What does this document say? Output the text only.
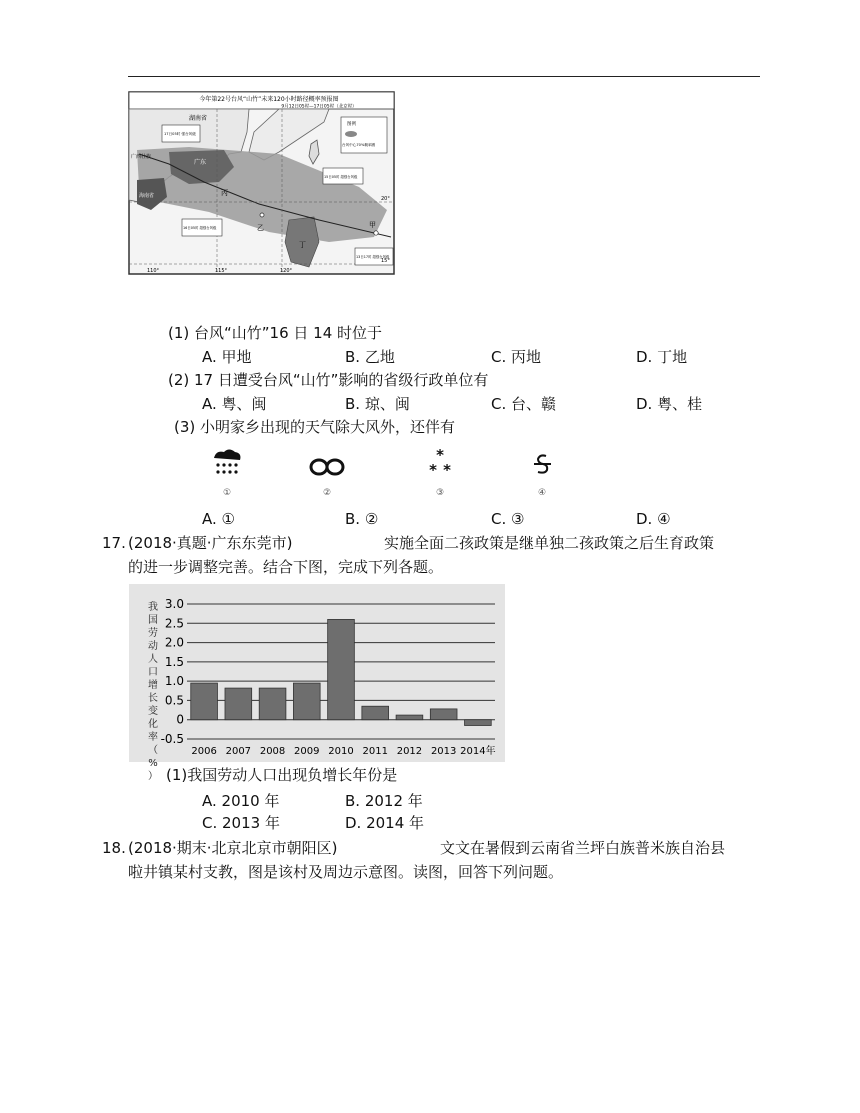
今年第22号台风“山竹”未来120小时路径概率预报图
9月12日05时—17日05时（北京时）
湖南省
广西壮族
广东
海南省	丙
乙
丁
甲
17日05时 强台风级
16日05时 超强台风级
15日05时 超强台风级
13日17时 超强台风级
图例
台风中心70%概率圈
110°	115°	120°
20°
15°
(1) 台风“山竹”16 日 14 时位于
A. 甲地	B. 乙地	C. 丙地	D. 丁地
(2) 17 日遭受台风“山竹”影响的省级行政单位有
A. 粤、闽	B. 琼、闽	C. 台、赣	D. 粤、桂
(3) 小明家乡出现的天气除大风外，还伴有
①	②
*
* *
③	④
A. ①	B. ②	C. ③	D. ④
17. (2018·真题·广东东莞市)	实施全面二孩政策是继单独二孩政策之后生育政策
的进一步调整完善。结合下图，完成下列各题。
我国劳动人口增长变化率（%）
3.0
2.5
2.0
1.5
1.0
0.5
0
-0.5
2006 2007 2008 2009 2010 2011 2012 2013 2014年
(1)我国劳动人口出现负增长年份是
A. 2010 年	B. 2012 年
C. 2013 年	D. 2014 年
18. (2018·期末·北京北京市朝阳区)	文文在暑假到云南省兰坪白族普米族自治县
啦井镇某村支教，图是该村及周边示意图。读图，回答下列问题。
